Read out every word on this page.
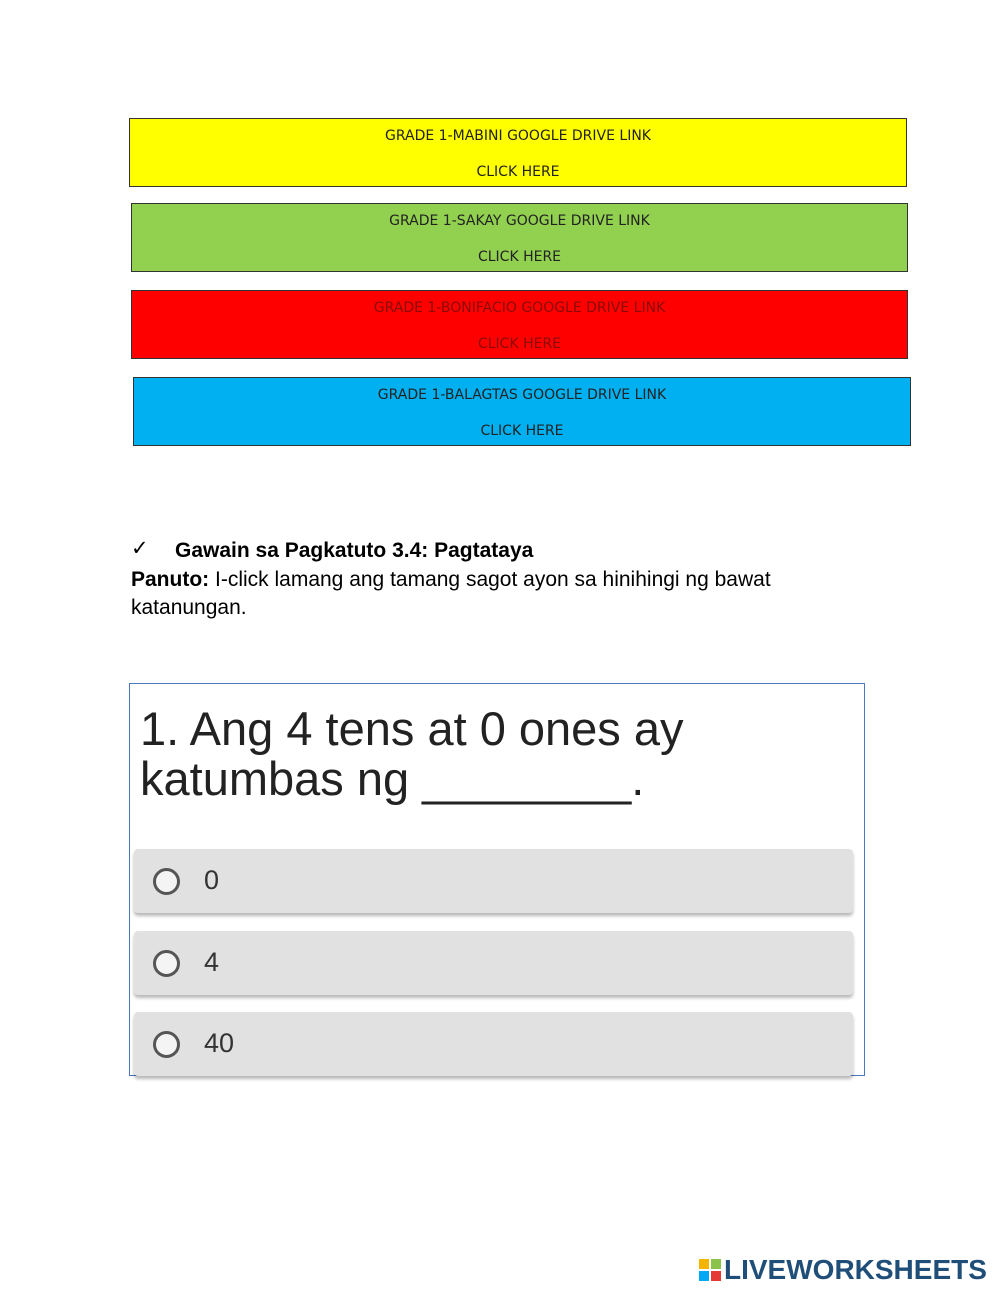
GRADE 1-MABINI GOOGLE DRIVE LINK
CLICK HERE
GRADE 1-SAKAY GOOGLE DRIVE LINK
CLICK HERE
GRADE 1-BONIFACIO GOOGLE DRIVE LINK
CLICK HERE
GRADE 1-BALAGTAS GOOGLE DRIVE LINK
CLICK HERE
✓ Gawain sa Pagkatuto 3.4: Pagtataya
Panuto: I-click lamang ang tamang sagot ayon sa hinihingi ng bawat katanungan.
1. Ang 4 tens at 0 ones ay katumbas ng ________.
0
4
40
LIVEWORKSHEETS
